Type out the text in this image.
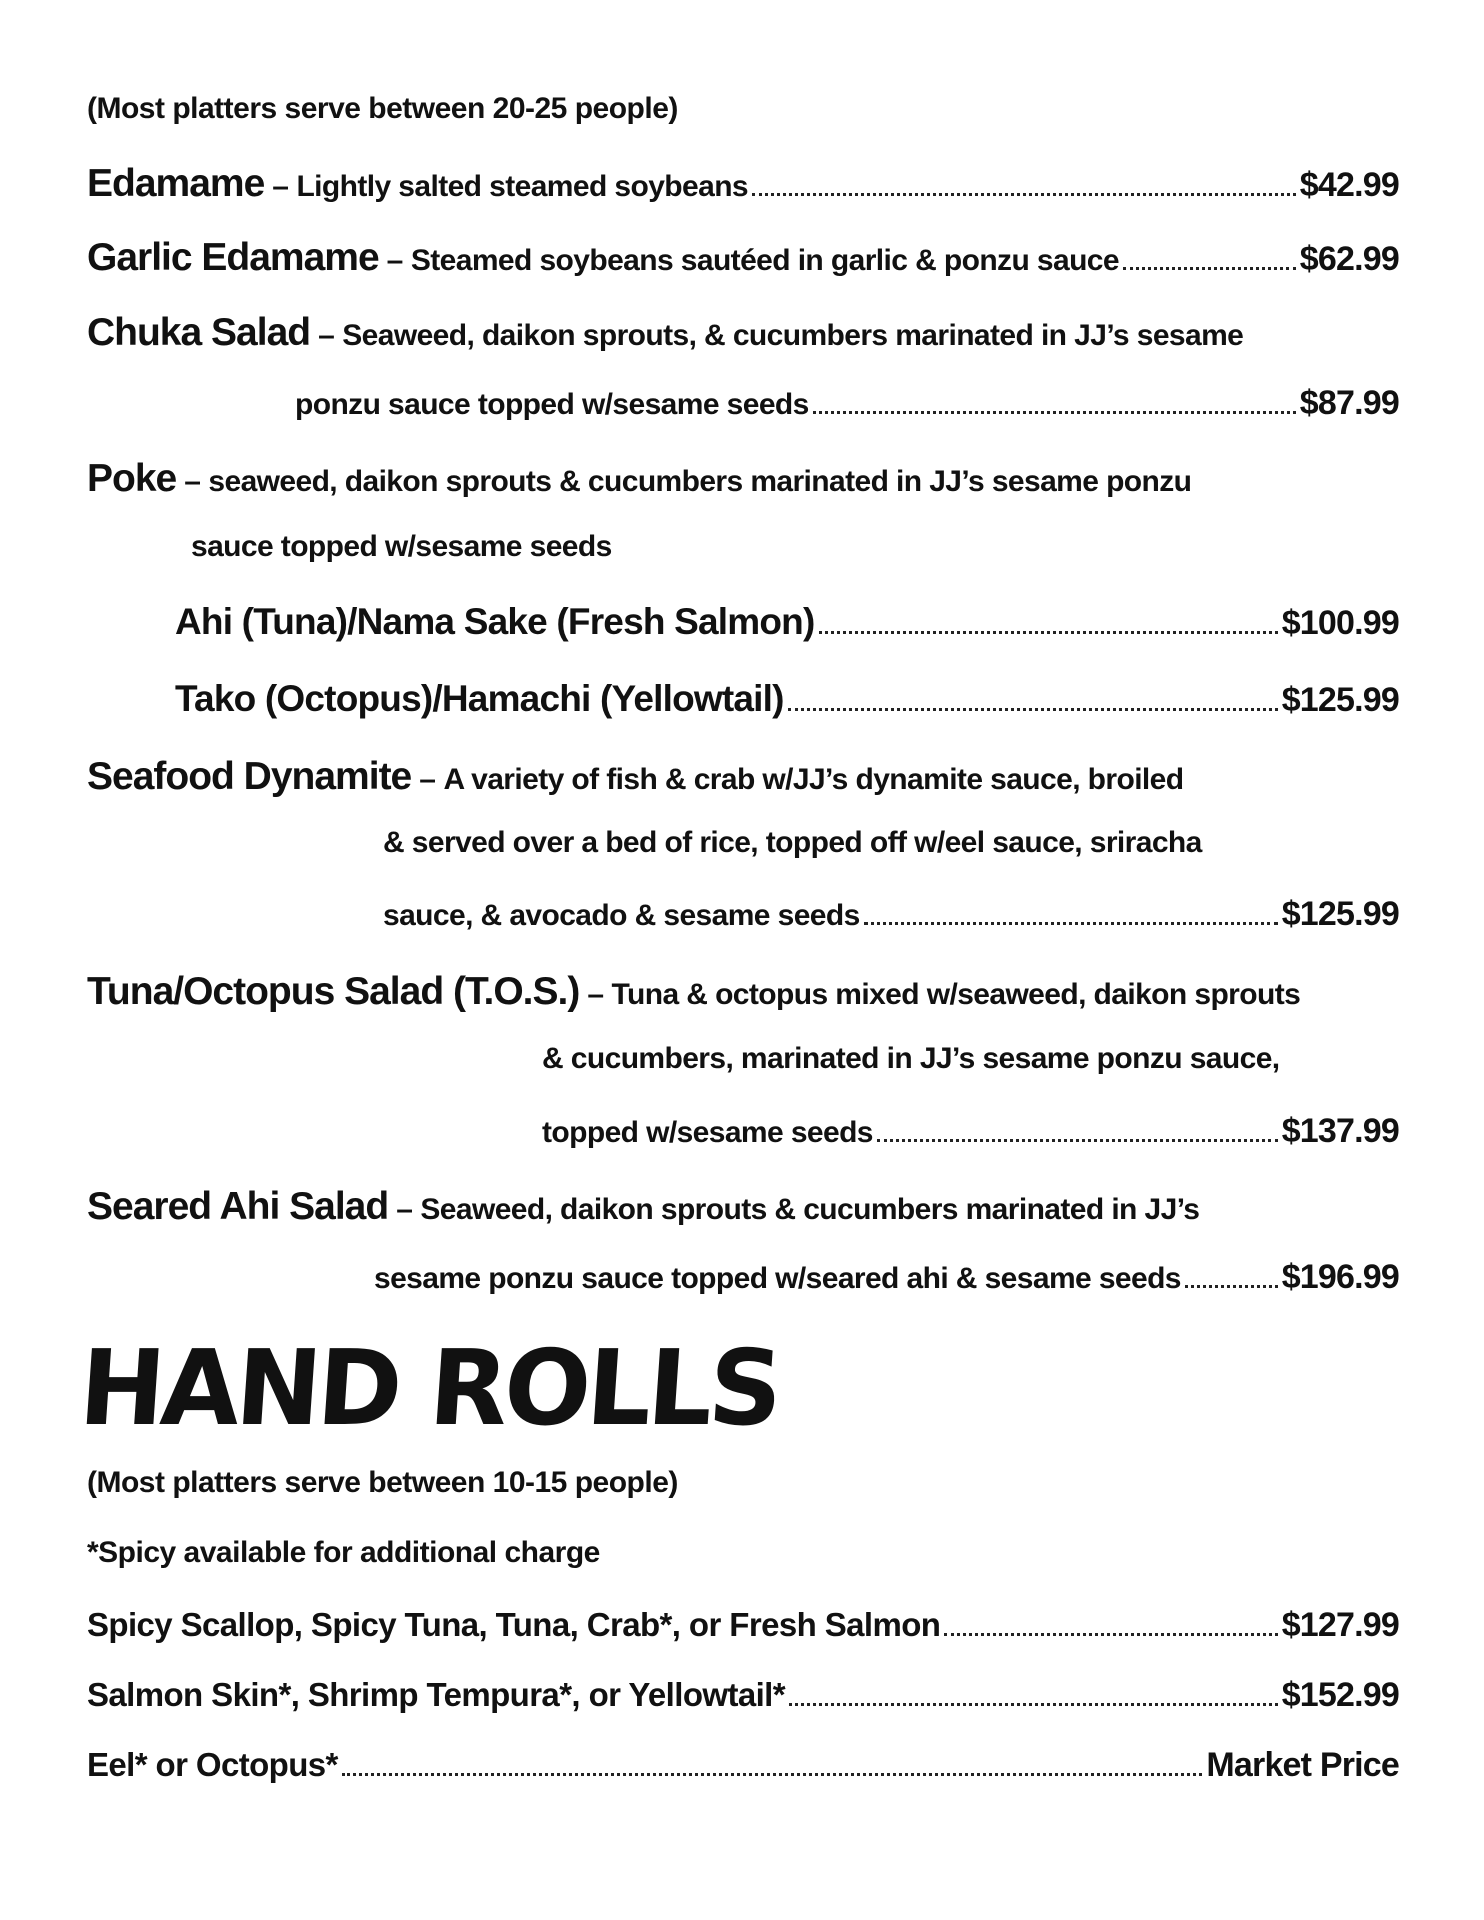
(Most platters serve between 20-25 people)
Edamame – Lightly salted steamed soybeans	$42.99
Garlic Edamame – Steamed soybeans sautéed in garlic & ponzu sauce	$62.99
Chuka Salad – Seaweed, daikon sprouts, & cucumbers marinated in JJ’s sesame
ponzu sauce topped w/sesame seeds	$87.99
Poke – seaweed, daikon sprouts & cucumbers marinated in JJ’s sesame ponzu
sauce topped w/sesame seeds
Ahi (Tuna)/Nama Sake (Fresh Salmon)	$100.99
Tako (Octopus)/Hamachi (Yellowtail)	$125.99
Seafood Dynamite – A variety of fish & crab w/JJ’s dynamite sauce, broiled
& served over a bed of rice, topped off w/eel sauce, sriracha
sauce, & avocado & sesame seeds	$125.99
Tuna/Octopus Salad (T.O.S.) – Tuna & octopus mixed w/seaweed, daikon sprouts
& cucumbers, marinated in JJ’s sesame ponzu sauce,
topped w/sesame seeds	$137.99
Seared Ahi Salad – Seaweed, daikon sprouts & cucumbers marinated in JJ’s
sesame ponzu sauce topped w/seared ahi & sesame seeds	$196.99
HAND ROLLS
(Most platters serve between 10-15 people)
*Spicy available for additional charge
Spicy Scallop, Spicy Tuna, Tuna, Crab*, or Fresh Salmon	$127.99
Salmon Skin*, Shrimp Tempura*, or Yellowtail*	$152.99
Eel* or Octopus*	Market Price
